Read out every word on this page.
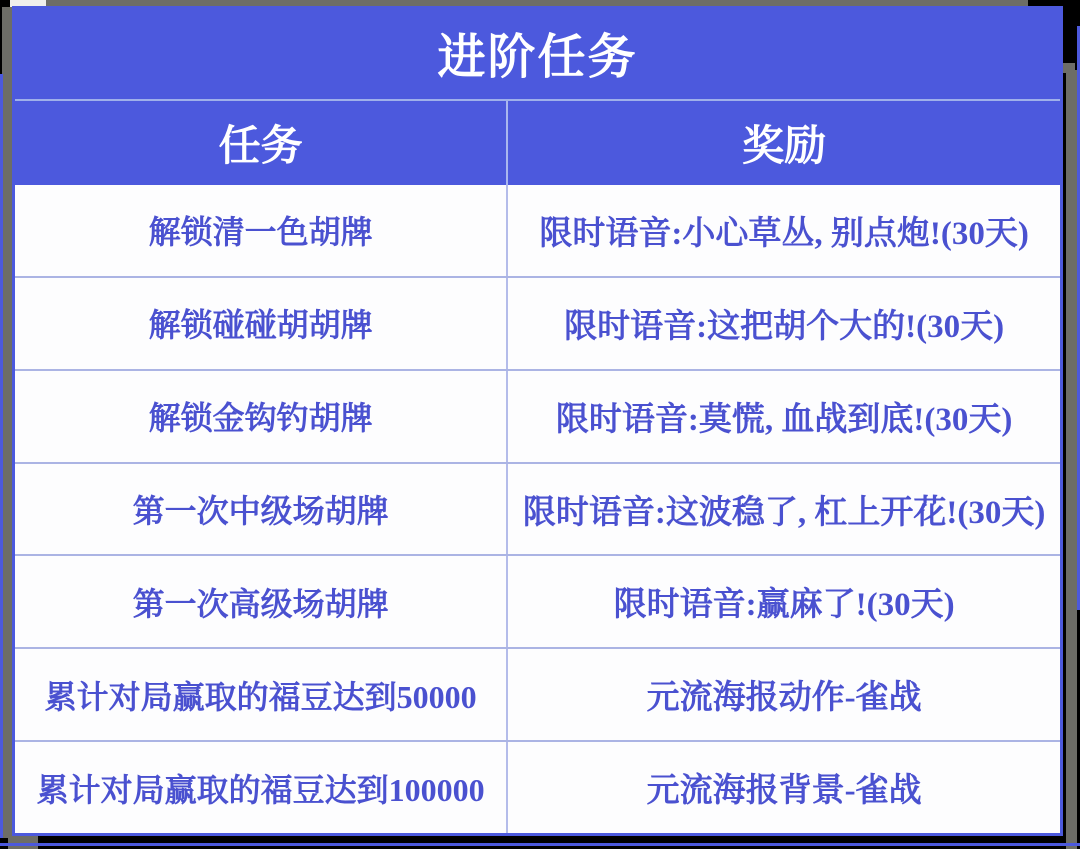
进阶任务
任务	奖励
解锁清一色胡牌	限时语音:小心草丛, 别点炮!(30天)
解锁碰碰胡胡牌	限时语音:这把胡个大的!(30天)
解锁金钩钓胡牌	限时语音:莫慌, 血战到底!(30天)
第一次中级场胡牌	限时语音:这波稳了, 杠上开花!(30天)
第一次高级场胡牌	限时语音:赢麻了!(30天)
累计对局赢取的福豆达到50000	元流海报动作-雀战
累计对局赢取的福豆达到100000	元流海报背景-雀战
